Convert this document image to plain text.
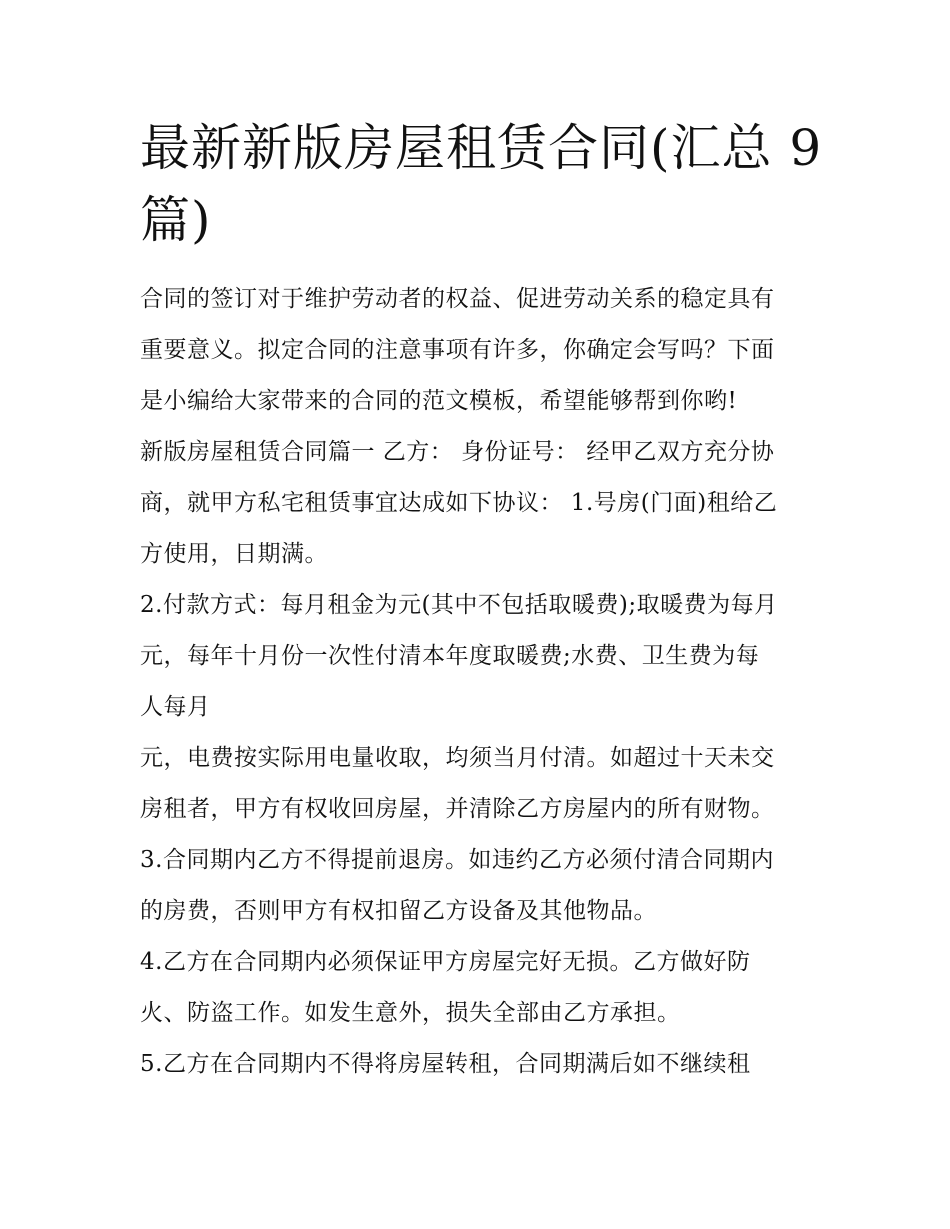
最新新版房屋租赁合同(汇总 9
篇)
合同的签订对于维护劳动者的权益、促进劳动关系的稳定具有
重要意义。拟定合同的注意事项有许多，你确定会写吗？下面
是小编给大家带来的合同的范文模板，希望能够帮到你哟!
新版房屋租赁合同篇一 乙方： 身份证号： 经甲乙双方充分协
商，就甲方私宅租赁事宜达成如下协议： 1.号房(门面)租给乙
方使用，日期满。
2.付款方式：每月租金为元(其中不包括取暖费);取暖费为每月
元，每年十月份一次性付清本年度取暖费;水费、卫生费为每
人每月
元，电费按实际用电量收取，均须当月付清。如超过十天未交
房租者，甲方有权收回房屋，并清除乙方房屋内的所有财物。
3.合同期内乙方不得提前退房。如违约乙方必须付清合同期内
的房费，否则甲方有权扣留乙方设备及其他物品。
4.乙方在合同期内必须保证甲方房屋完好无损。乙方做好防
火、防盗工作。如发生意外，损失全部由乙方承担。
5.乙方在合同期内不得将房屋转租，合同期满后如不继续租
